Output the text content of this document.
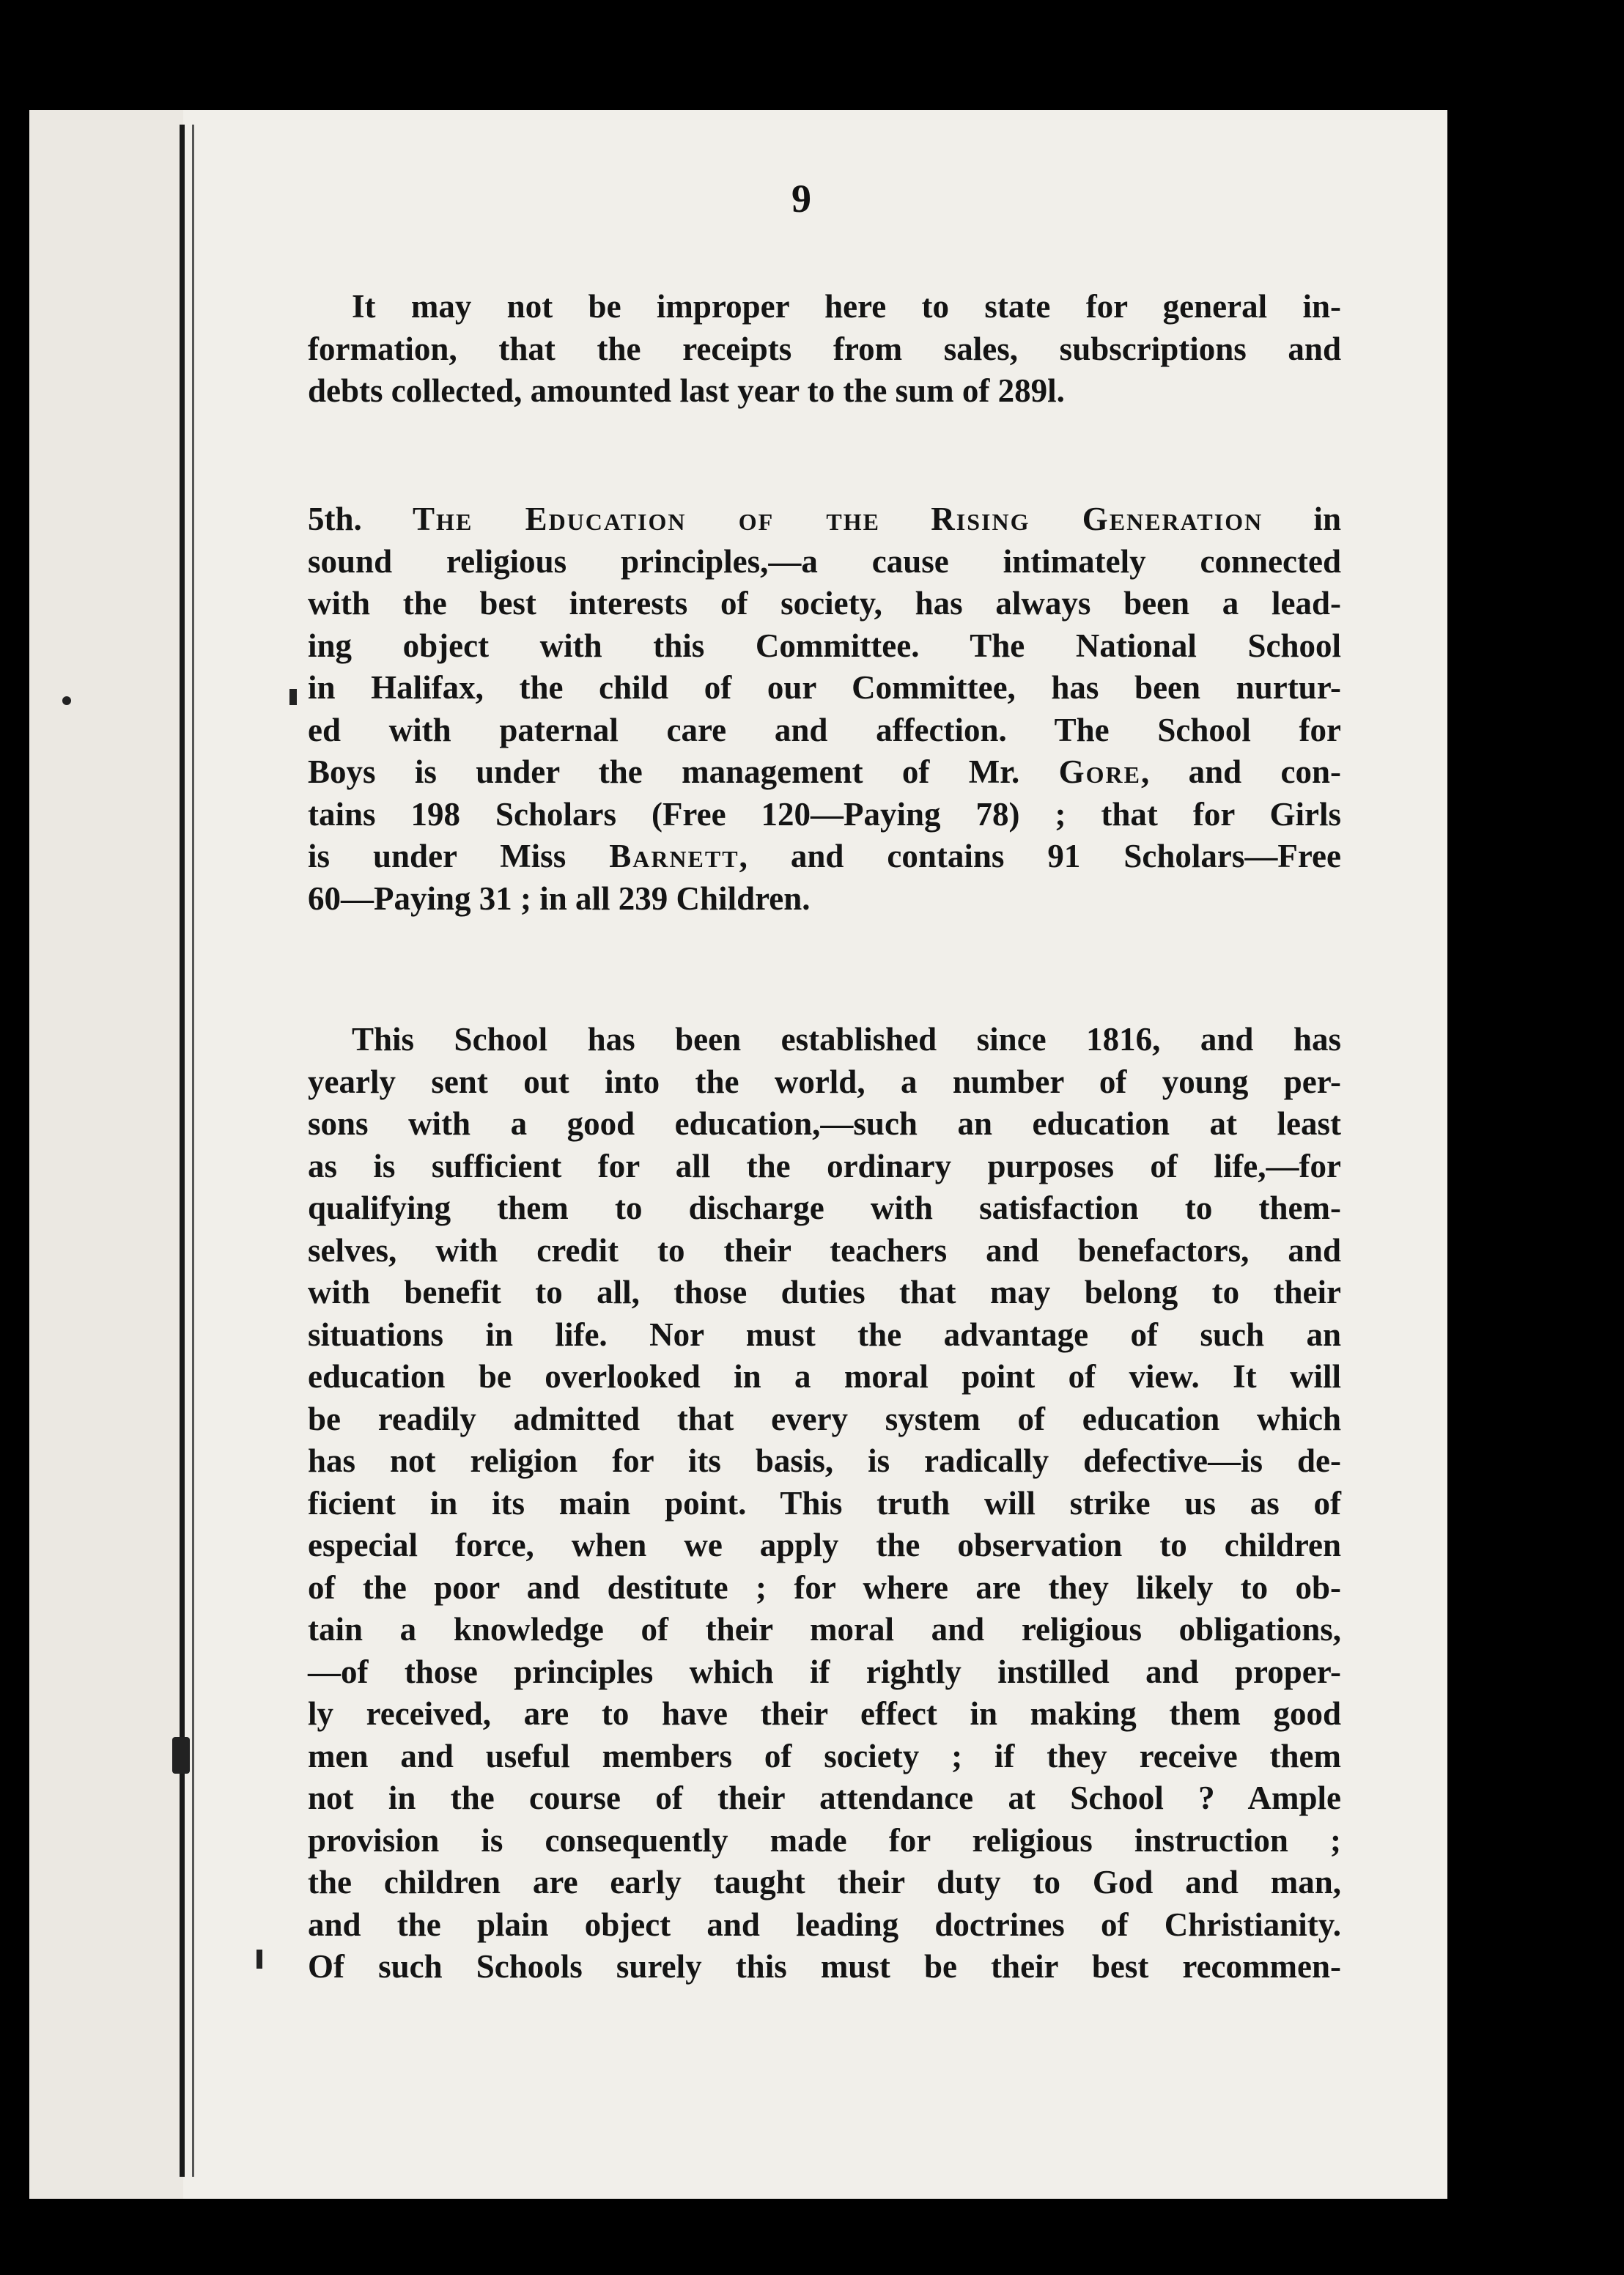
9
It may not be improper here to state for general in-
formation, that the receipts from sales, subscriptions and
debts collected, amounted last year to the sum of 289l.
5th. The Education of the Rising Generation in
sound religious principles,—a cause intimately connected
with the best interests of society, has always been a lead-
ing object with this Committee. The National School
in Halifax, the child of our Committee, has been nurtur-
ed with paternal care and affection. The School for
Boys is under the management of Mr. Gore, and con-
tains 198 Scholars (Free 120—Paying 78) ; that for Girls
is under Miss Barnett, and contains 91 Scholars—Free
60—Paying 31 ; in all 239 Children.
This School has been established since 1816, and has
yearly sent out into the world, a number of young per-
sons with a good education,—such an education at least
as is sufficient for all the ordinary purposes of life,—for
qualifying them to discharge with satisfaction to them-
selves, with credit to their teachers and benefactors, and
with benefit to all, those duties that may belong to their
situations in life. Nor must the advantage of such an
education be overlooked in a moral point of view. It will
be readily admitted that every system of education which
has not religion for its basis, is radically defective—is de-
ficient in its main point. This truth will strike us as of
especial force, when we apply the observation to children
of the poor and destitute ; for where are they likely to ob-
tain a knowledge of their moral and religious obligations,
—of those principles which if rightly instilled and proper-
ly received, are to have their effect in making them good
men and useful members of society ; if they receive them
not in the course of their attendance at School ? Ample
provision is consequently made for religious instruction ;
the children are early taught their duty to God and man,
and the plain object and leading doctrines of Christianity.
Of such Schools surely this must be their best recommen-
